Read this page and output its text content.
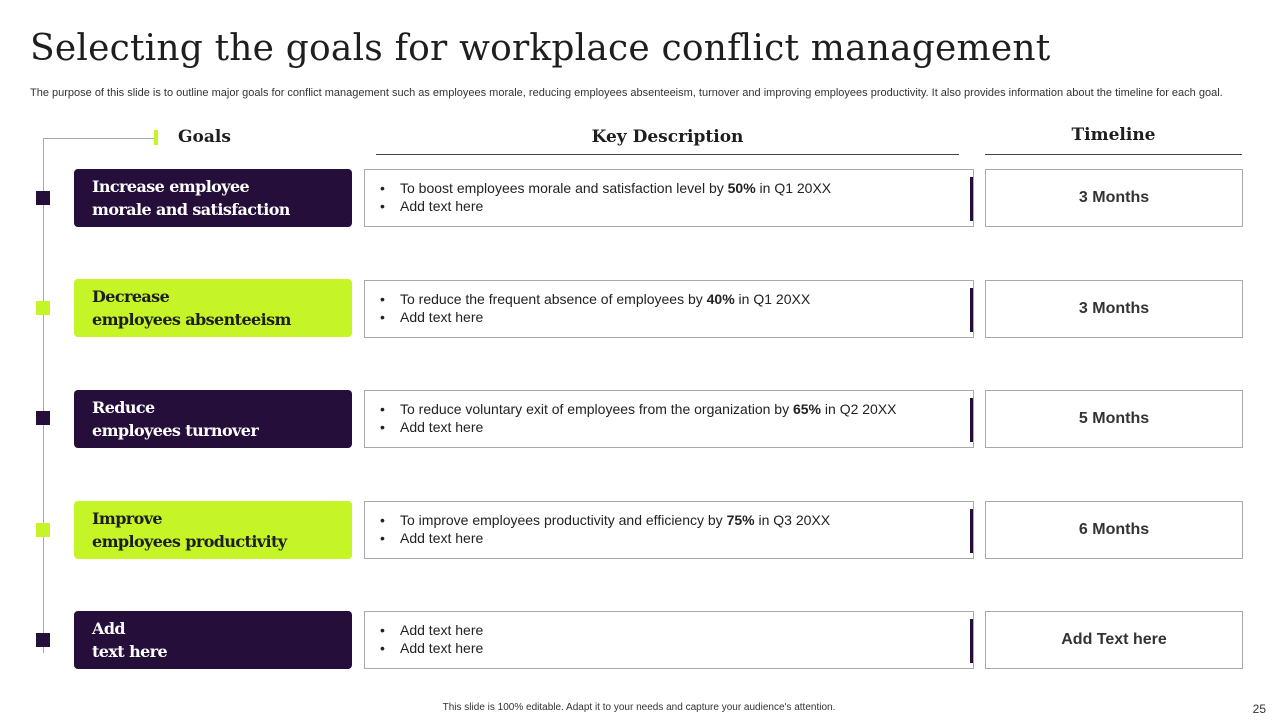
Selecting the goals for workplace conflict management
The purpose of this slide is to outline major goals for conflict management such as employees morale, reducing employees absenteeism, turnover and improving employees productivity. It also provides information about the timeline for each goal.
Goals	Key Description	Timeline
Increase employee
morale and satisfaction
•	To boost employees morale and satisfaction level by 50% in Q1 20XX
•	Add text here	3 Months
Decrease
employees absenteeism
•	To reduce the frequent absence of employees by 40% in Q1 20XX
•	Add text here	3 Months
Reduce
employees turnover
•	To reduce voluntary exit of employees from the organization by 65% in Q2 20XX
•	Add text here	5 Months
Improve
employees productivity
•	To improve employees productivity and efficiency by 75% in Q3 20XX
•	Add text here	6 Months
Add
text here
•	Add text here
•	Add text here	Add Text here
This slide is 100% editable. Adapt it to your needs and capture your audience's attention.	25
